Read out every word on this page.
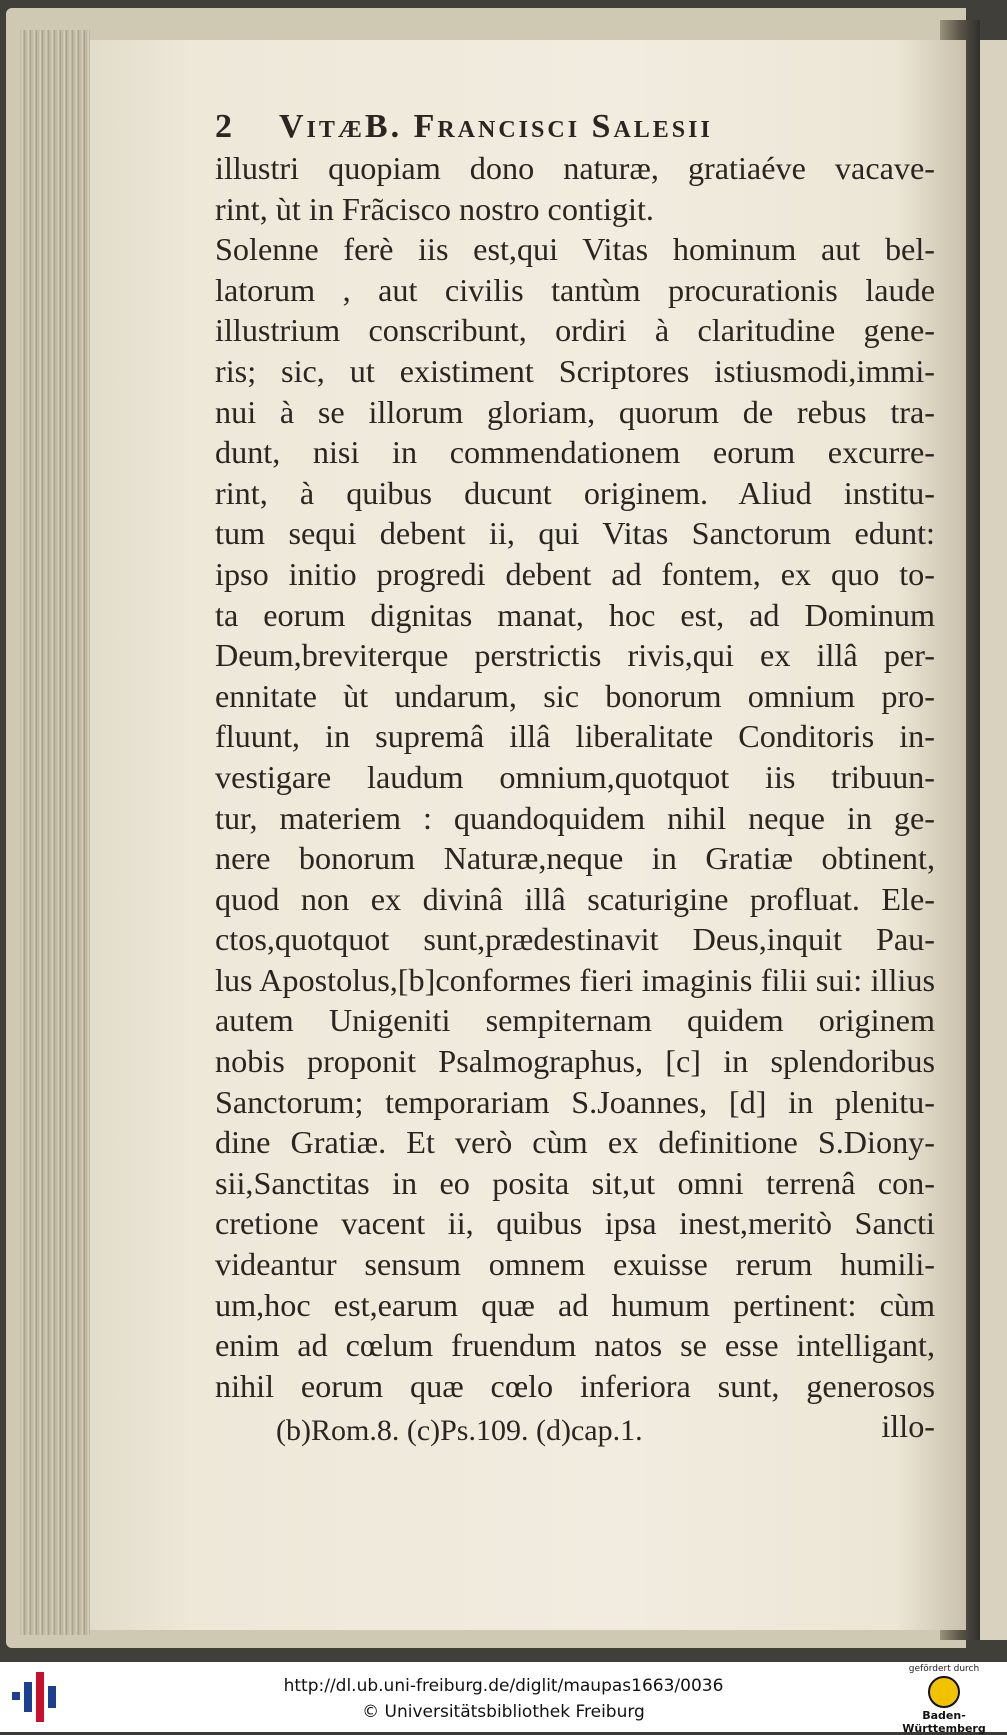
2 VitæB. Francisci Salesii
illustri quopiam dono naturæ, gratiaéve vacave-
rint, ùt in Frãcisco nostro contigit.
Solenne ferè iis est,qui Vitas hominum aut bel-
latorum , aut civilis tantùm procurationis laude
illustrium conscribunt, ordiri à claritudine gene-
ris; sic, ut existiment Scriptores istiusmodi,immi-
nui à se illorum gloriam, quorum de rebus tra-
dunt, nisi in commendationem eorum excurre-
rint, à quibus ducunt originem. Aliud institu-
tum sequi debent ii, qui Vitas Sanctorum edunt:
ipso initio progredi debent ad fontem, ex quo to-
ta eorum dignitas manat, hoc est, ad Dominum
Deum,breviterque perstrictis rivis,qui ex illâ per-
ennitate ùt undarum, sic bonorum omnium pro-
fluunt, in supremâ illâ liberalitate Conditoris in-
vestigare laudum omnium,quotquot iis tribuun-
tur, materiem : quandoquidem nihil neque in ge-
nere bonorum Naturæ,neque in Gratiæ obtinent,
quod non ex divinâ illâ scaturigine profluat. Ele-
ctos,quotquot sunt,prædestinavit Deus,inquit Pau-
lus Apostolus,[b]conformes fieri imaginis filii sui: illius
autem Unigeniti sempiternam quidem originem
nobis proponit Psalmographus, [c] in splendoribus
Sanctorum; temporariam S.Joannes, [d] in plenitu-
dine Gratiæ. Et verò cùm ex definitione S.Diony-
sii,Sanctitas in eo posita sit,ut omni terrenâ con-
cretione vacent ii, quibus ipsa inest,meritò Sancti
videantur sensum omnem exuisse rerum humili-
um,hoc est,earum quæ ad humum pertinent: cùm
enim ad cœlum fruendum natos se esse intelligant,
nihil eorum quæ cœlo inferiora sunt, generosos
illo-
(b)Rom.8. (c)Ps.109. (d)cap.1.
http://dl.ub.uni-freiburg.de/diglit/maupas1663/0036
© Universitätsbibliothek Freiburg
gefördert durch
Baden-Württemberg
